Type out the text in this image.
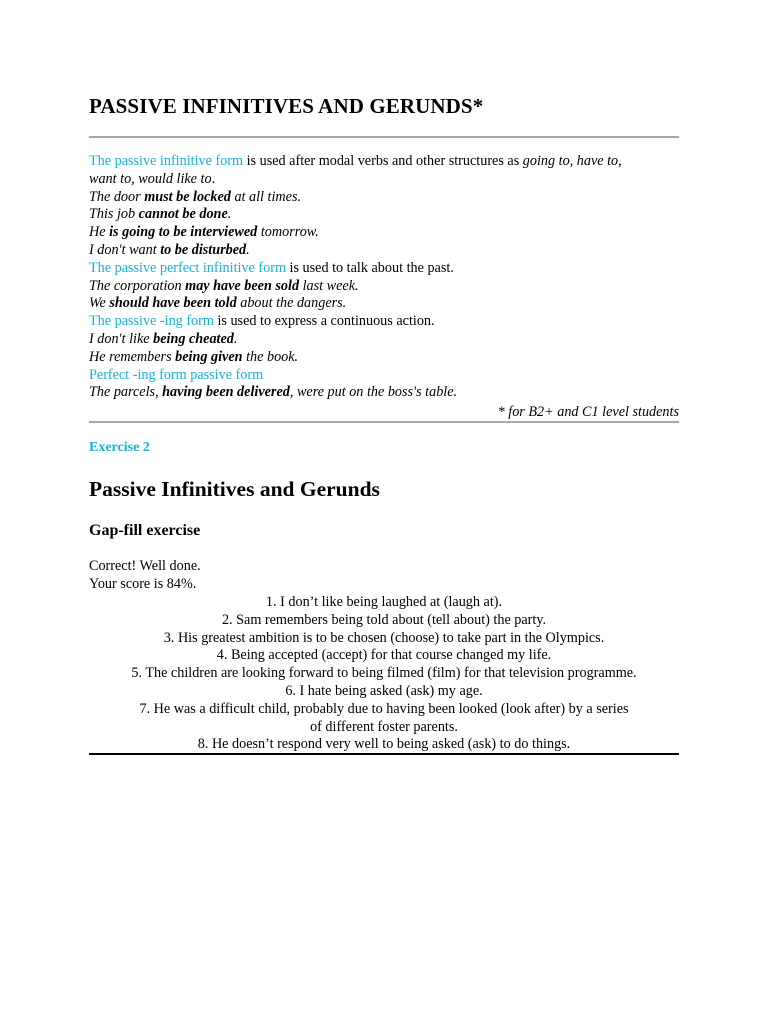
PASSIVE INFINITIVES AND GERUNDS*
The passive infinitive form is used after modal verbs and other structures as going to, have to,
want to, would like to.
The door must be locked at all times.
This job cannot be done.
He is going to be interviewed tomorrow.
I don't want to be disturbed.
The passive perfect infinitive form is used to talk about the past.
The corporation may have been sold last week.
We should have been told about the dangers.
The passive -ing form is used to express a continuous action.
I don't like being cheated.
He remembers being given the book.
Perfect -ing form passive form
The parcels, having been delivered, were put on the boss's table.
* for B2+ and C1 level students
Exercise 2
Passive Infinitives and Gerunds
Gap-fill exercise
Correct! Well done.
Your score is 84%.
1. I don’t like being laughed at (laugh at).
2. Sam remembers being told about (tell about) the party.
3. His greatest ambition is to be chosen (choose) to take part in the Olympics.
4. Being accepted (accept) for that course changed my life.
5. The children are looking forward to being filmed (film) for that television programme.
6. I hate being asked (ask) my age.
7. He was a difficult child, probably due to having been looked (look after) by a series of different foster parents.
8. He doesn’t respond very well to being asked (ask) to do things.
